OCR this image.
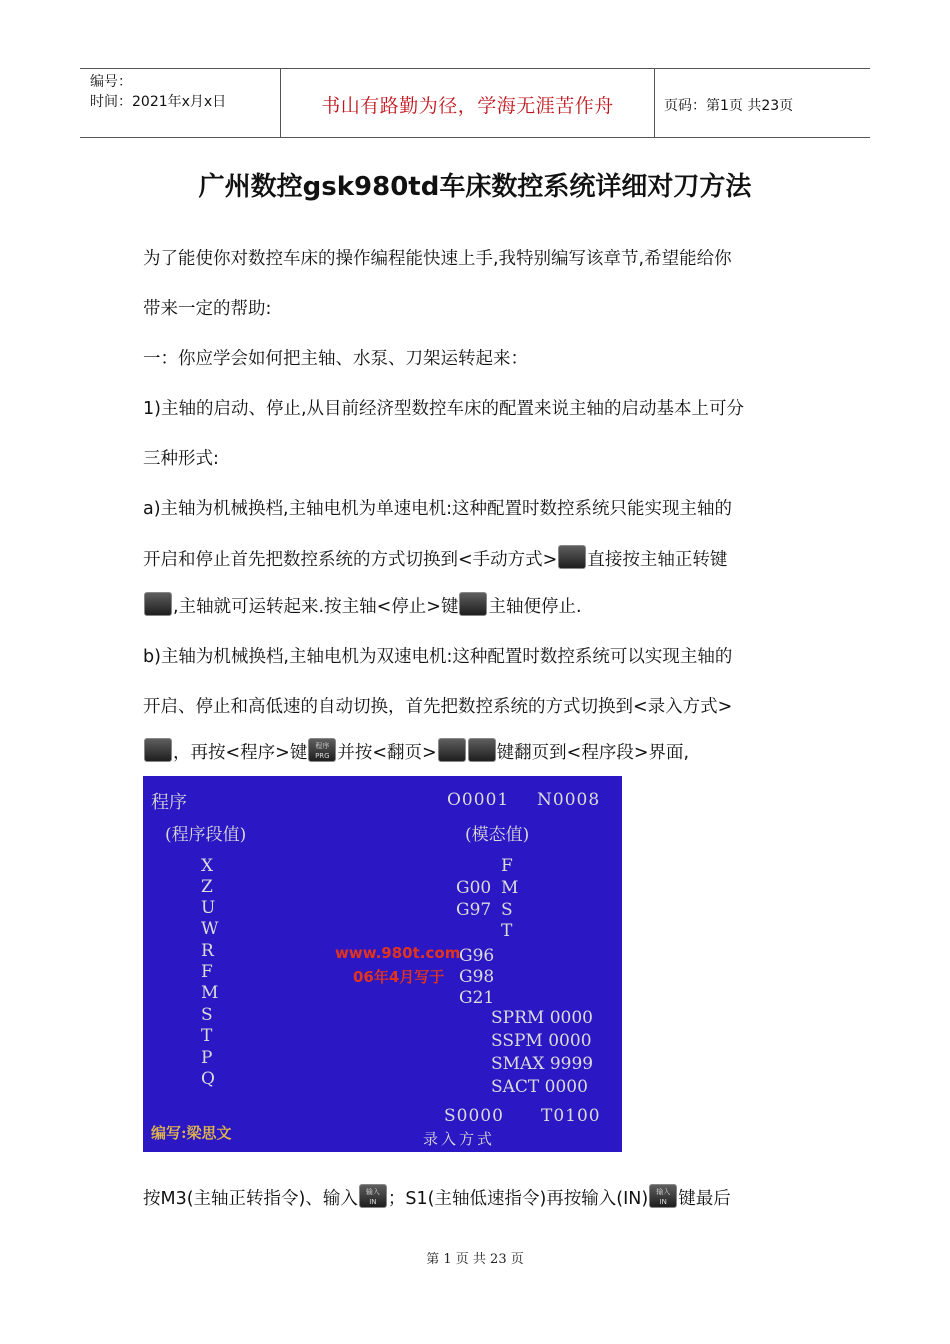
编号：
时间：2021年x月x日	书山有路勤为径，学海无涯苦作舟	页码：第1页 共23页
广州数控gsk980td车床数控系统详细对刀方法
为了能使你对数控车床的操作编程能快速上手,我特别编写该章节,希望能给你
带来一定的帮助:
一：你应学会如何把主轴、水泵、刀架运转起来：
1)主轴的启动、停止,从目前经济型数控车床的配置来说主轴的启动基本上可分
三种形式:
a)主轴为机械换档,主轴电机为单速电机:这种配置时数控系统只能实现主轴的
开启和停止首先把数控系统的方式切换到<手动方式> 直接按主轴正转键
,主轴就可运转起来.按主轴<停止>键 主轴便停止.
b)主轴为机械换档,主轴电机为双速电机:这种配置时数控系统可以实现主轴的
开启、停止和高低速的自动切换，首先把数控系统的方式切换到<录入方式>
，再按<程序>键	程序
PRG 并按<翻页>	键翻页到<程序段>界面,
程序	O0001 N0008
(程序段值)	(模态值)
X
Z
U
W
R
F
M
S
T
P
Q
F
G00 M
G97 S
T
G96
G98
G21
www.980t.com
06年4月写于
SPRM 0000
SSPM 0000
SMAX 9999
SACT 0000
S0000 T0100
录入方式
编写:梁思文
按M3(主轴正转指令)、输入	输入
IN ；S1(主轴低速指令)再按输入(IN)	输入
IN 键最后
第 1 页 共 23 页
